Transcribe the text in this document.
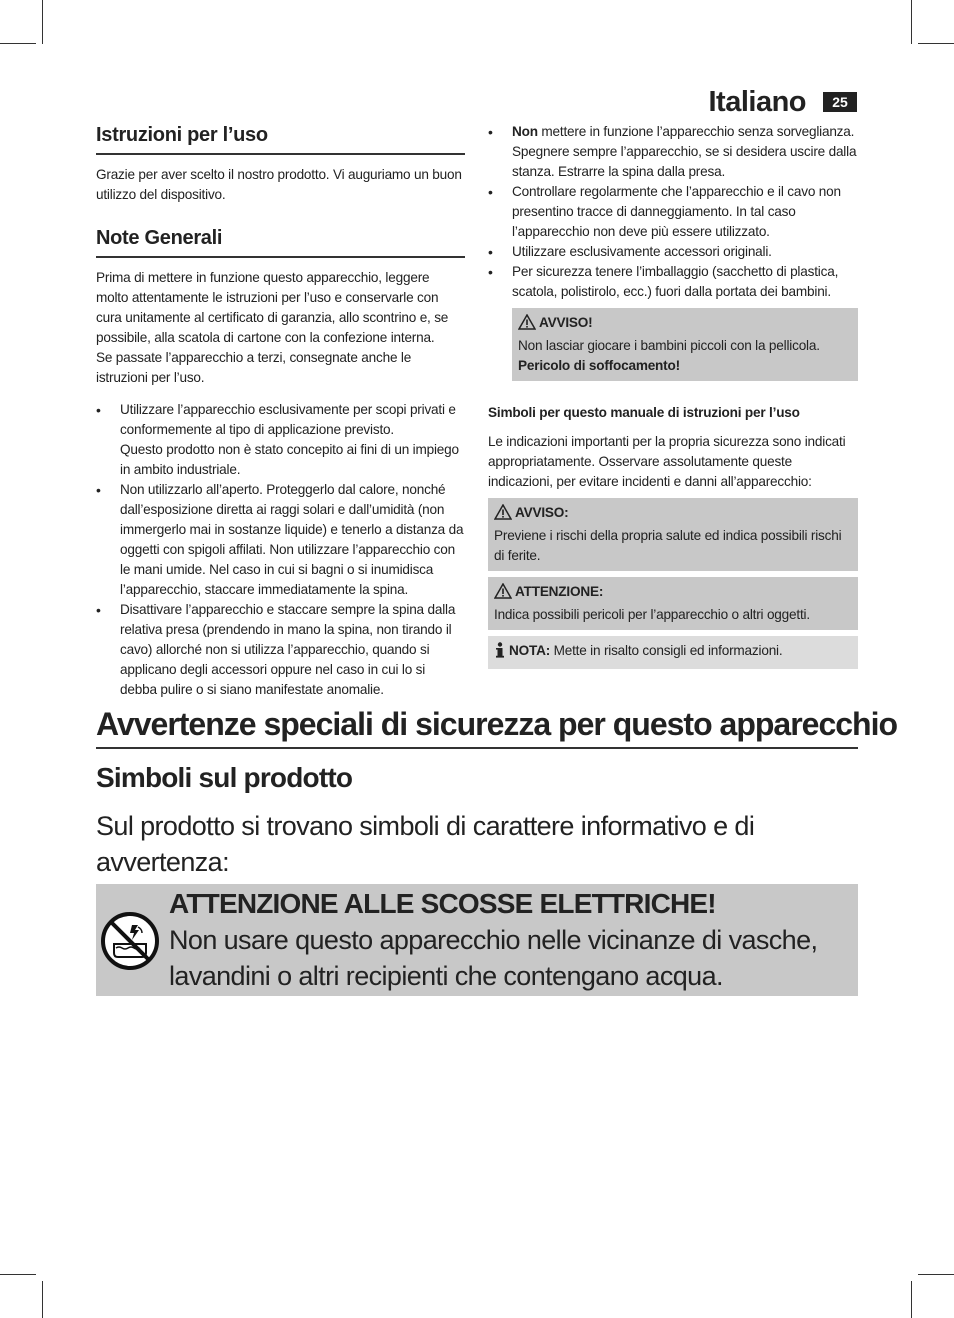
Italiano	25
Istruzioni per l’uso

Grazie per aver scelto il nostro prodotto. Vi auguriamo un buon utilizzo del dispositivo.

Note Generali

Prima di mettere in funzione questo apparecchio, leggere molto attentamente le istruzioni per l’uso e conservarle con cura unitamente al certificato di garanzia, allo scontrino e, se possibile, alla scatola di cartone con la confezione interna.
Se passate l’apparecchio a terzi, consegnate anche le istruzioni per l’uso.

• Utilizzare l’apparecchio esclusivamente per scopi privati e conformemente al tipo di applicazione previsto.
Questo prodotto non è stato concepito ai fini di un impiego in ambito industriale.
• Non utilizzarlo all’aperto. Proteggerlo dal calore, nonché dall’esposizione diretta ai raggi solari e dall’umidità (non immergerlo mai in sostanze liquide) e tenerlo a distanza da oggetti con spigoli affilati. Non utilizzare l’apparecchio con le mani umide. Nel caso in cui si bagni o si inumidisca l’apparecchio, staccare immediatamente la spina.
• Disattivare l’apparecchio e staccare sempre la spina dalla relativa presa (prendendo in mano la spina, non tirando il cavo) allorché non si utilizza l’apparecchio, quando si applicano degli accessori oppure nel caso in cui lo si debba pulire o si siano manifestate anomalie.
• Non mettere in funzione l’apparecchio senza sorveglianza. Spegnere sempre l’apparecchio, se si desidera uscire dalla stanza. Estrarre la spina dalla presa.
• Controllare regolarmente che l’apparecchio e il cavo non presentino tracce di danneggiamento. In tal caso l’apparecchio non deve più essere utilizzato.
• Utilizzare esclusivamente accessori originali.
• Per sicurezza tenere l’imballaggio (sacchetto di plastica, scatola, polistirolo, ecc.) fuori dalla portata dei bambini.
AVVISO!
Non lasciar giocare i bambini piccoli con la pellicola.
Pericolo di soffocamento!
Simboli per questo manuale di istruzioni per l’uso

Le indicazioni importanti per la propria sicurezza sono indicati appropriatamente. Osservare assolutamente queste indicazioni, per evitare incidenti e danni all’apparecchio:

AVVISO:
Previene i rischi della propria salute ed indica possibili rischi di ferite.
ATTENZIONE:
Indica possibili pericoli per l’apparecchio o altri oggetti.
NOTA: Mette in risalto consigli ed informazioni.
Avvertenze speciali di sicurezza per questo apparecchio
Simboli sul prodotto
Sul prodotto si trovano simboli di carattere informativo e di avvertenza:
ATTENZIONE ALLE SCOSSE ELETTRICHE!
Non usare questo apparecchio nelle vicinanze di vasche, lavandini o altri recipienti che contengano acqua.
